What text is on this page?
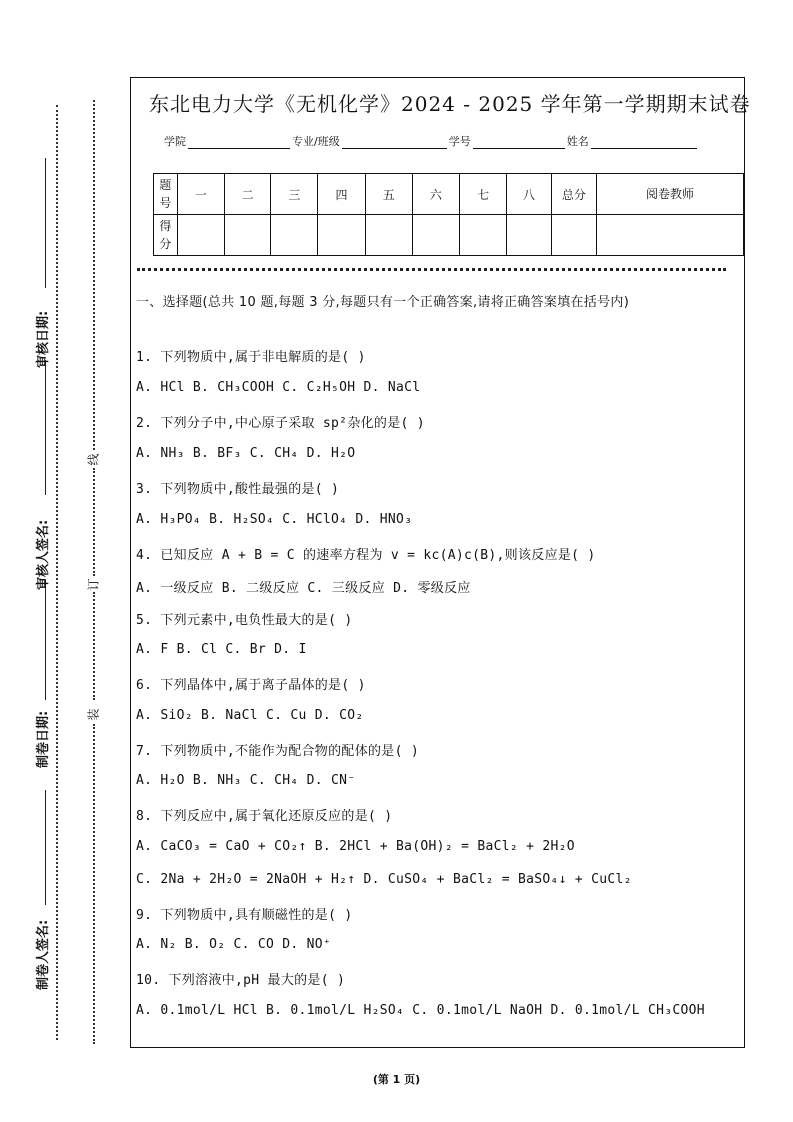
审核日期:
审核人签名:
制卷日期:
制卷人签名:
线
订
装
东北电力大学《无机化学》2024 - 2025 学年第一学期期末试卷
学院	专业/班级	学号	姓名
题号	一	二	三	四	五	六	七	八	总分	阅卷教师
得分										
一、选择题(总共 10 题,每题 3 分,每题只有一个正确答案,请将正确答案填在括号内)
1. 下列物质中,属于非电解质的是( )
A. HCl B. CH₃COOH C. C₂H₅OH D. NaCl
2. 下列分子中,中心原子采取 sp²杂化的是( )
A. NH₃ B. BF₃ C. CH₄ D. H₂O
3. 下列物质中,酸性最强的是( )
A. H₃PO₄ B. H₂SO₄ C. HClO₄ D. HNO₃
4. 已知反应 A + B = C 的速率方程为 v = kc(A)c(B),则该反应是( )
A. 一级反应 B. 二级反应 C. 三级反应 D. 零级反应
5. 下列元素中,电负性最大的是( )
A. F B. Cl C. Br D. I
6. 下列晶体中,属于离子晶体的是( )
A. SiO₂ B. NaCl C. Cu D. CO₂
7. 下列物质中,不能作为配合物的配体的是( )
A. H₂O B. NH₃ C. CH₄ D. CN⁻
8. 下列反应中,属于氧化还原反应的是( )
A. CaCO₃ = CaO + CO₂↑ B. 2HCl + Ba(OH)₂ = BaCl₂ + 2H₂O
C. 2Na + 2H₂O = 2NaOH + H₂↑ D. CuSO₄ + BaCl₂ = BaSO₄↓ + CuCl₂
9. 下列物质中,具有顺磁性的是( )
A. N₂ B. O₂ C. CO D. NO⁺
10. 下列溶液中,pH 最大的是( )
A. 0.1mol/L HCl B. 0.1mol/L H₂SO₄ C. 0.1mol/L NaOH D. 0.1mol/L CH₃COOH
(第 1 页)
